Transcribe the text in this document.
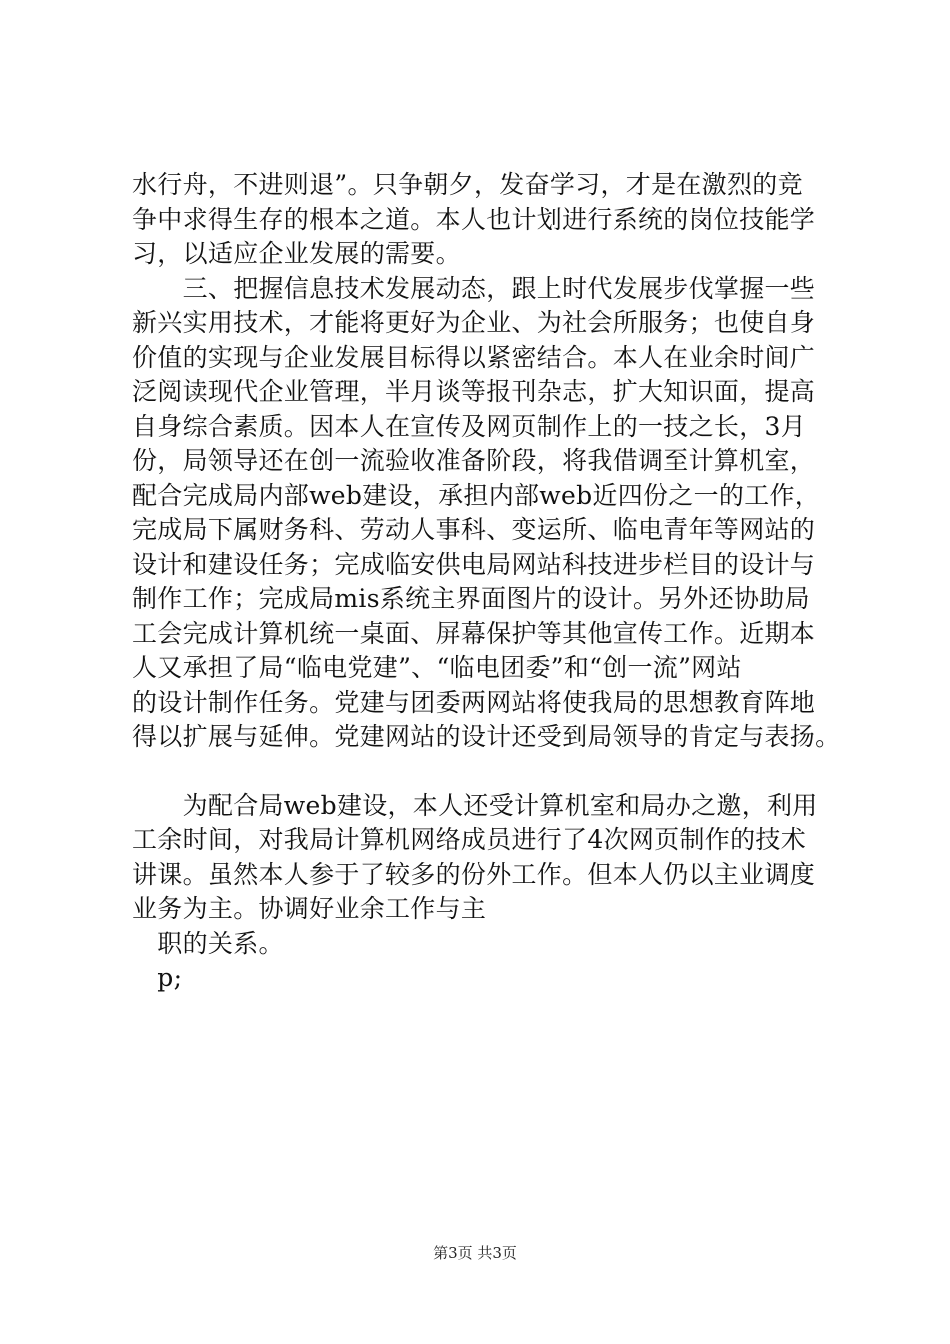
水行舟，不进则退”。只争朝夕，发奋学习，才是在激烈的竞
争中求得生存的根本之道。本人也计划进行系统的岗位技能学
习，以适应企业发展的需要。
　　三、把握信息技术发展动态，跟上时代发展步伐掌握一些
新兴实用技术，才能将更好为企业、为社会所服务；也使自身
价值的实现与企业发展目标得以紧密结合。本人在业余时间广
泛阅读现代企业管理，半月谈等报刊杂志，扩大知识面，提高
自身综合素质。因本人在宣传及网页制作上的一技之长，3月
份，局领导还在创一流验收准备阶段，将我借调至计算机室，
配合完成局内部web建设，承担内部web近四份之一的工作，
完成局下属财务科、劳动人事科、变运所、临电青年等网站的
设计和建设任务；完成临安供电局网站科技进步栏目的设计与
制作工作；完成局mis系统主界面图片的设计。另外还协助局
工会完成计算机统一桌面、屏幕保护等其他宣传工作。近期本
人又承担了局“临电党建”、“临电团委”和“创一流”网站
的设计制作任务。党建与团委两网站将使我局的思想教育阵地
得以扩展与延伸。党建网站的设计还受到局领导的肯定与表扬。
　　为配合局web建设，本人还受计算机室和局办之邀，利用
工余时间，对我局计算机网络成员进行了4次网页制作的技术
讲课。虽然本人参于了较多的份外工作。但本人仍以主业调度
业务为主。协调好业余工作与主
　职的关系。
　p;
第3页 共3页
